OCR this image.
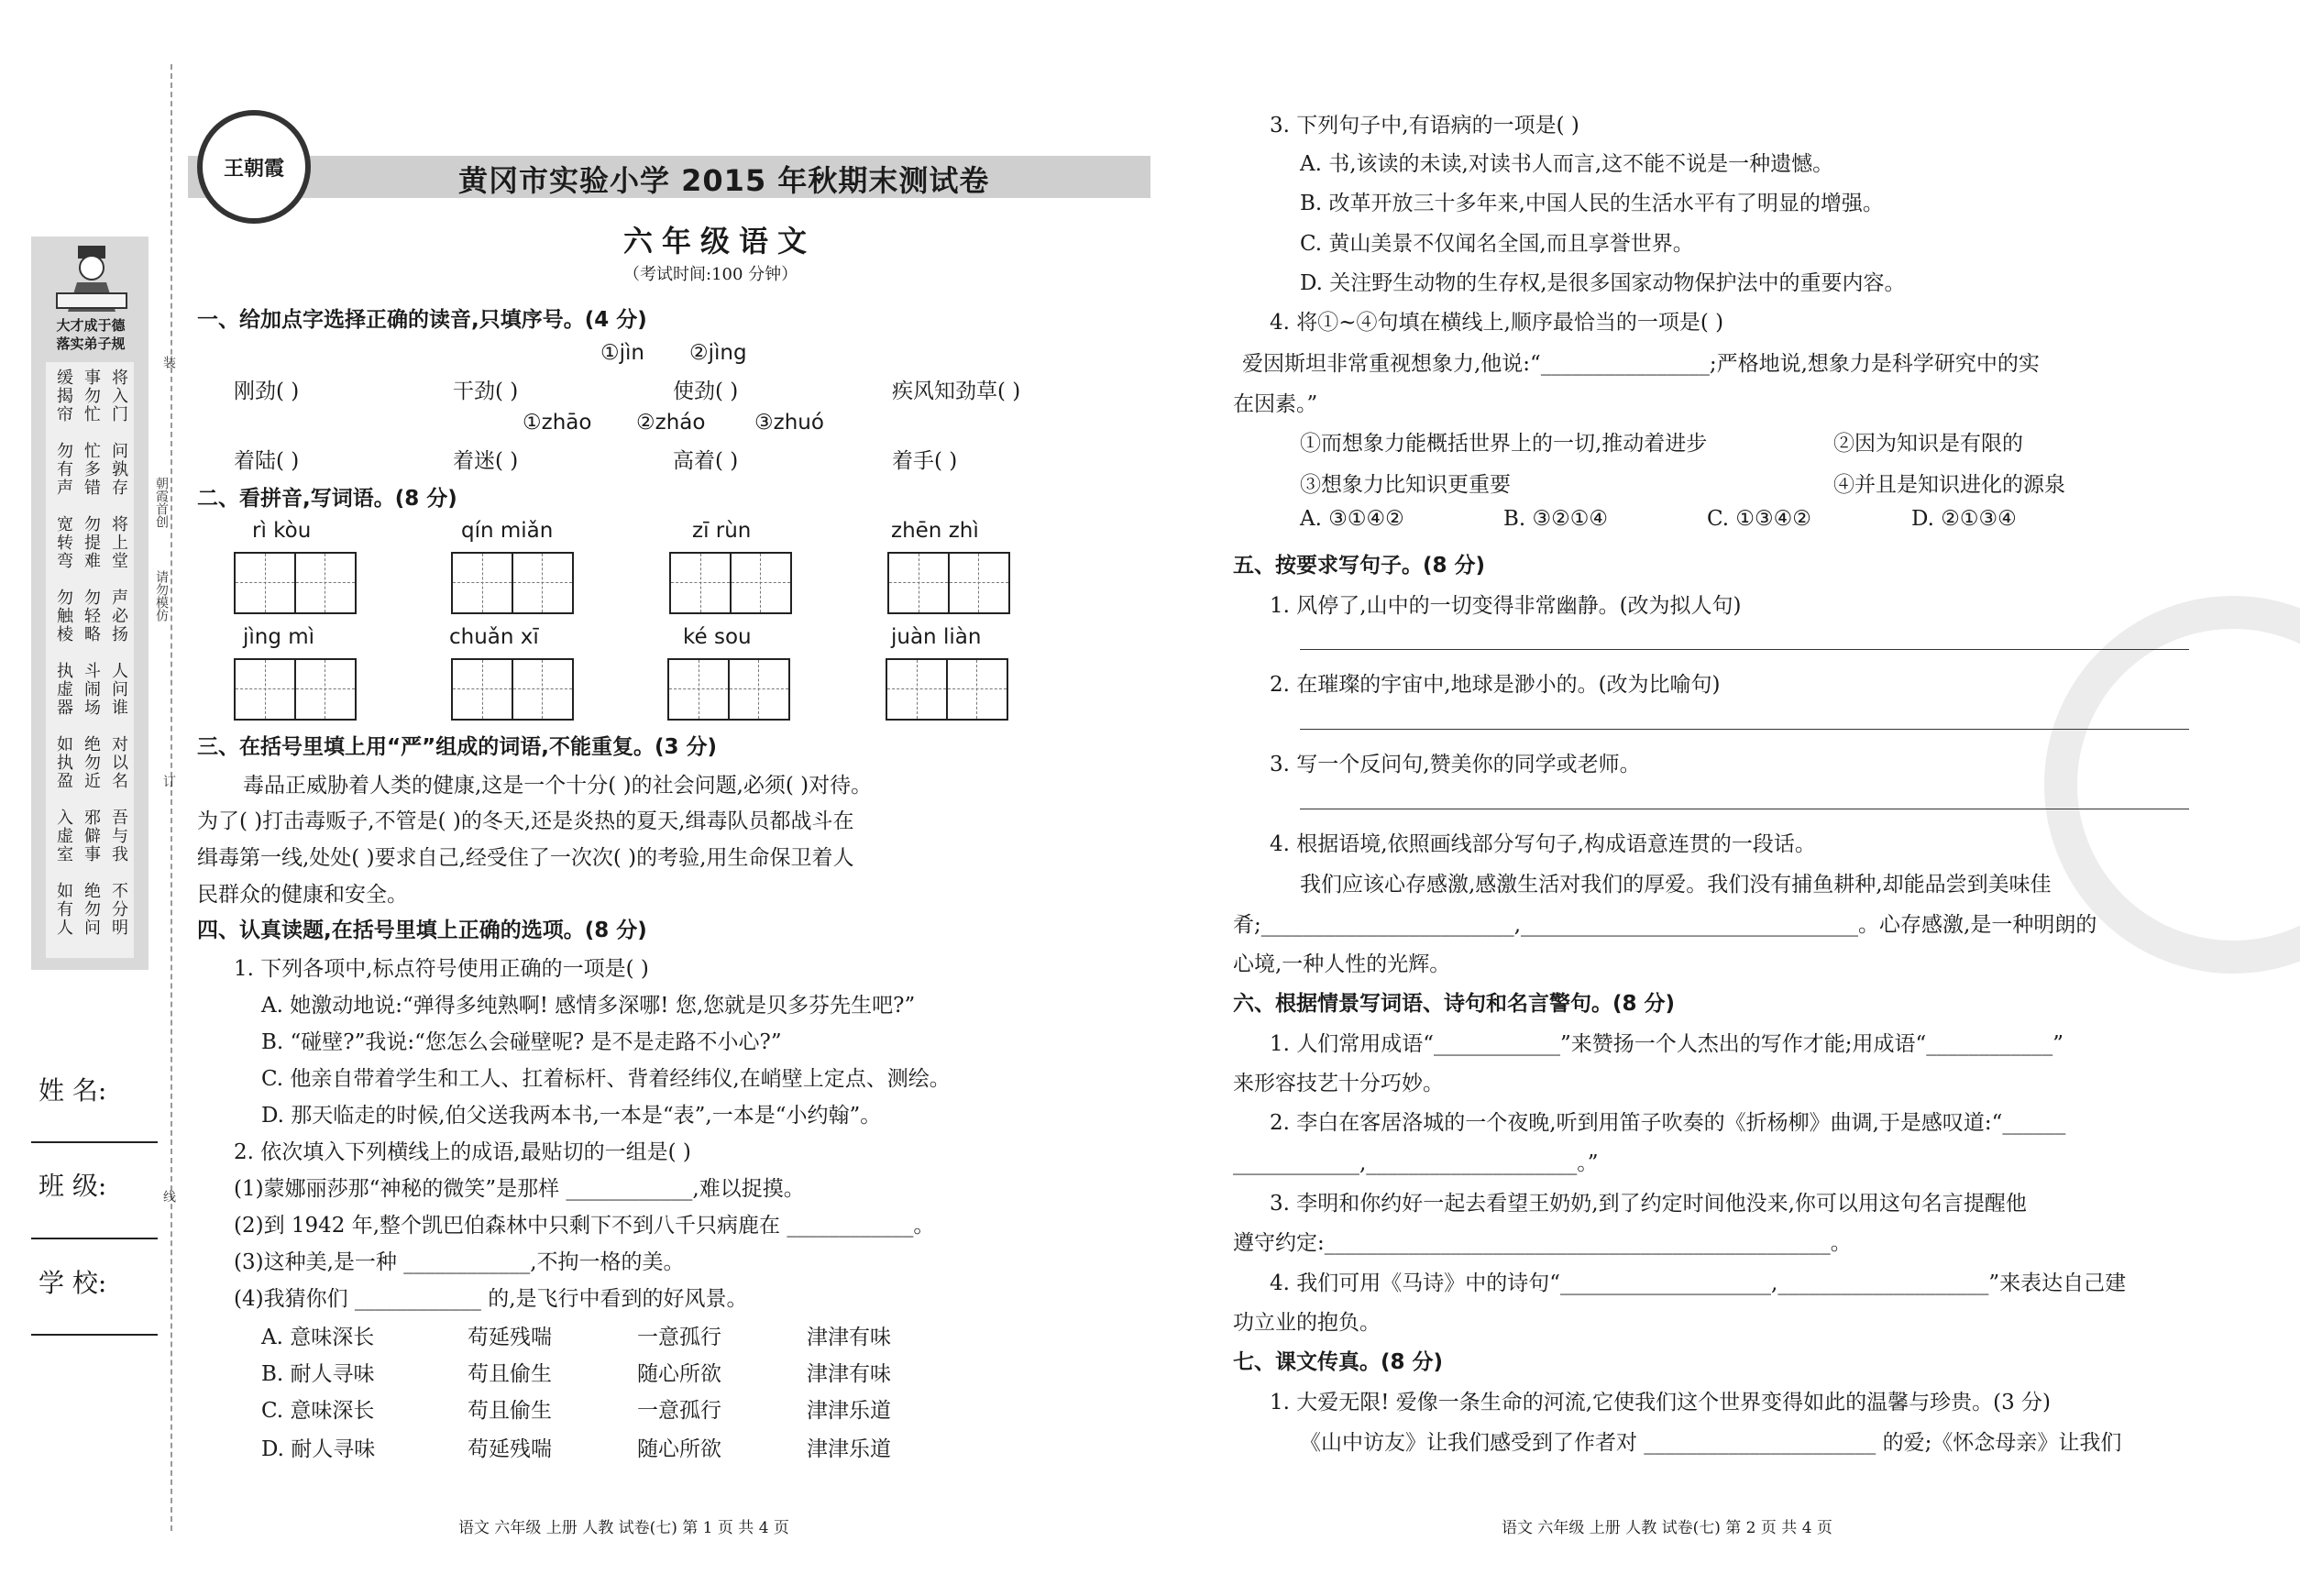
大才成于德
落实弟子规
将入门
事勿忙
缓揭帘
问孰存
忙多错
勿有声
将上堂
勿提难
宽转弯
声必扬
勿轻略
勿触棱
人问谁
斗闹场
执虚器
对以名
绝勿近
如执盈
吾与我
邪僻事
入虚室
不分明
绝勿问
如有人
姓 名:
班 级:
学 校:
装
订
线
朝霞首创
请勿模仿
王朝霞	黄冈市实验小学 2015 年秋期末测试卷
六年级语文
（考试时间:100 分钟）
一、给加点字选择正确的读音,只填序号。(4 分)
①jìn ②jìng
刚劲( )	干劲( )	使劲( )	疾风知劲草( )
①zhāo ②zháo ③zhuó
着陆( )	着迷( )	高着( )	着手( )
二、看拼音,写词语。(8 分)
rì kòu	qín miǎn	zī rùn	zhēn zhì
jìng mì	chuǎn xī	ké sou	juàn liàn
三、在括号里填上用“严”组成的词语,不能重复。(3 分)
毒品正威胁着人类的健康,这是一个十分( )的社会问题,必须( )对待。
为了( )打击毒贩子,不管是( )的冬天,还是炎热的夏天,缉毒队员都战斗在
缉毒第一线,处处( )要求自己,经受住了一次次( )的考验,用生命保卫着人
民群众的健康和安全。
四、认真读题,在括号里填上正确的选项。(8 分)
1. 下列各项中,标点符号使用正确的一项是( )
A. 她激动地说:“弹得多纯熟啊! 感情多深哪! 您,您就是贝多芬先生吧?”
B. “碰壁?”我说:“您怎么会碰壁呢? 是不是走路不小心?”
C. 他亲自带着学生和工人、扛着标杆、背着经纬仪,在峭壁上定点、测绘。
D. 那天临走的时候,伯父送我两本书,一本是“表”,一本是“小约翰”。
2. 依次填入下列横线上的成语,最贴切的一组是( )
(1)蒙娜丽莎那“神秘的微笑”是那样 ____________,难以捉摸。
(2)到 1942 年,整个凯巴伯森林中只剩下不到八千只病鹿在 ____________。
(3)这种美,是一种 ____________,不拘一格的美。
(4)我猜你们 ____________ 的,是飞行中看到的好风景。
A. 意味深长	苟延残喘	一意孤行	津津有味
B. 耐人寻味	苟且偷生	随心所欲	津津有味
C. 意味深长	苟且偷生	一意孤行	津津乐道
D. 耐人寻味	苟延残喘	随心所欲	津津乐道
语文 六年级 上册 人教 试卷(七) 第 1 页 共 4 页
3. 下列句子中,有语病的一项是( )
A. 书,该读的未读,对读书人而言,这不能不说是一种遗憾。
B. 改革开放三十多年来,中国人民的生活水平有了明显的增强。
C. 黄山美景不仅闻名全国,而且享誉世界。
D. 关注野生动物的生存权,是很多国家动物保护法中的重要内容。
4. 将①~④句填在横线上,顺序最恰当的一项是( )
爱因斯坦非常重视想象力,他说:“________________;严格地说,想象力是科学研究中的实
在因素。”
①而想象力能概括世界上的一切,推动着进步	②因为知识是有限的
③想象力比知识更重要	④并且是知识进化的源泉
A. ③①④②	B. ③②①④	C. ①③④②	D. ②①③④
五、按要求写句子。(8 分)
1. 风停了,山中的一切变得非常幽静。(改为拟人句)
2. 在璀璨的宇宙中,地球是渺小的。(改为比喻句)
3. 写一个反问句,赞美你的同学或老师。
4. 根据语境,依照画线部分写句子,构成语意连贯的一段话。
我们应该心存感激,感激生活对我们的厚爱。我们没有捕鱼耕种,却能品尝到美味佳
肴;________________________,________________________________。心存感激,是一种明朗的
心境,一种人性的光辉。
六、根据情景写词语、诗句和名言警句。(8 分)
1. 人们常用成语“____________”来赞扬一个人杰出的写作才能;用成语“____________”
来形容技艺十分巧妙。
2. 李白在客居洛城的一个夜晚,听到用笛子吹奏的《折杨柳》曲调,于是感叹道:“______
____________,____________________。”
3. 李明和你约好一起去看望王奶奶,到了约定时间他没来,你可以用这句名言提醒他
遵守约定:________________________________________________。
4. 我们可用《马诗》中的诗句“____________________,____________________”来表达自己建
功立业的抱负。
七、课文传真。(8 分)
1. 大爱无限! 爱像一条生命的河流,它使我们这个世界变得如此的温馨与珍贵。(3 分)
《山中访友》让我们感受到了作者对 ______________________ 的爱;《怀念母亲》让我们
语文 六年级 上册 人教 试卷(七) 第 2 页 共 4 页
